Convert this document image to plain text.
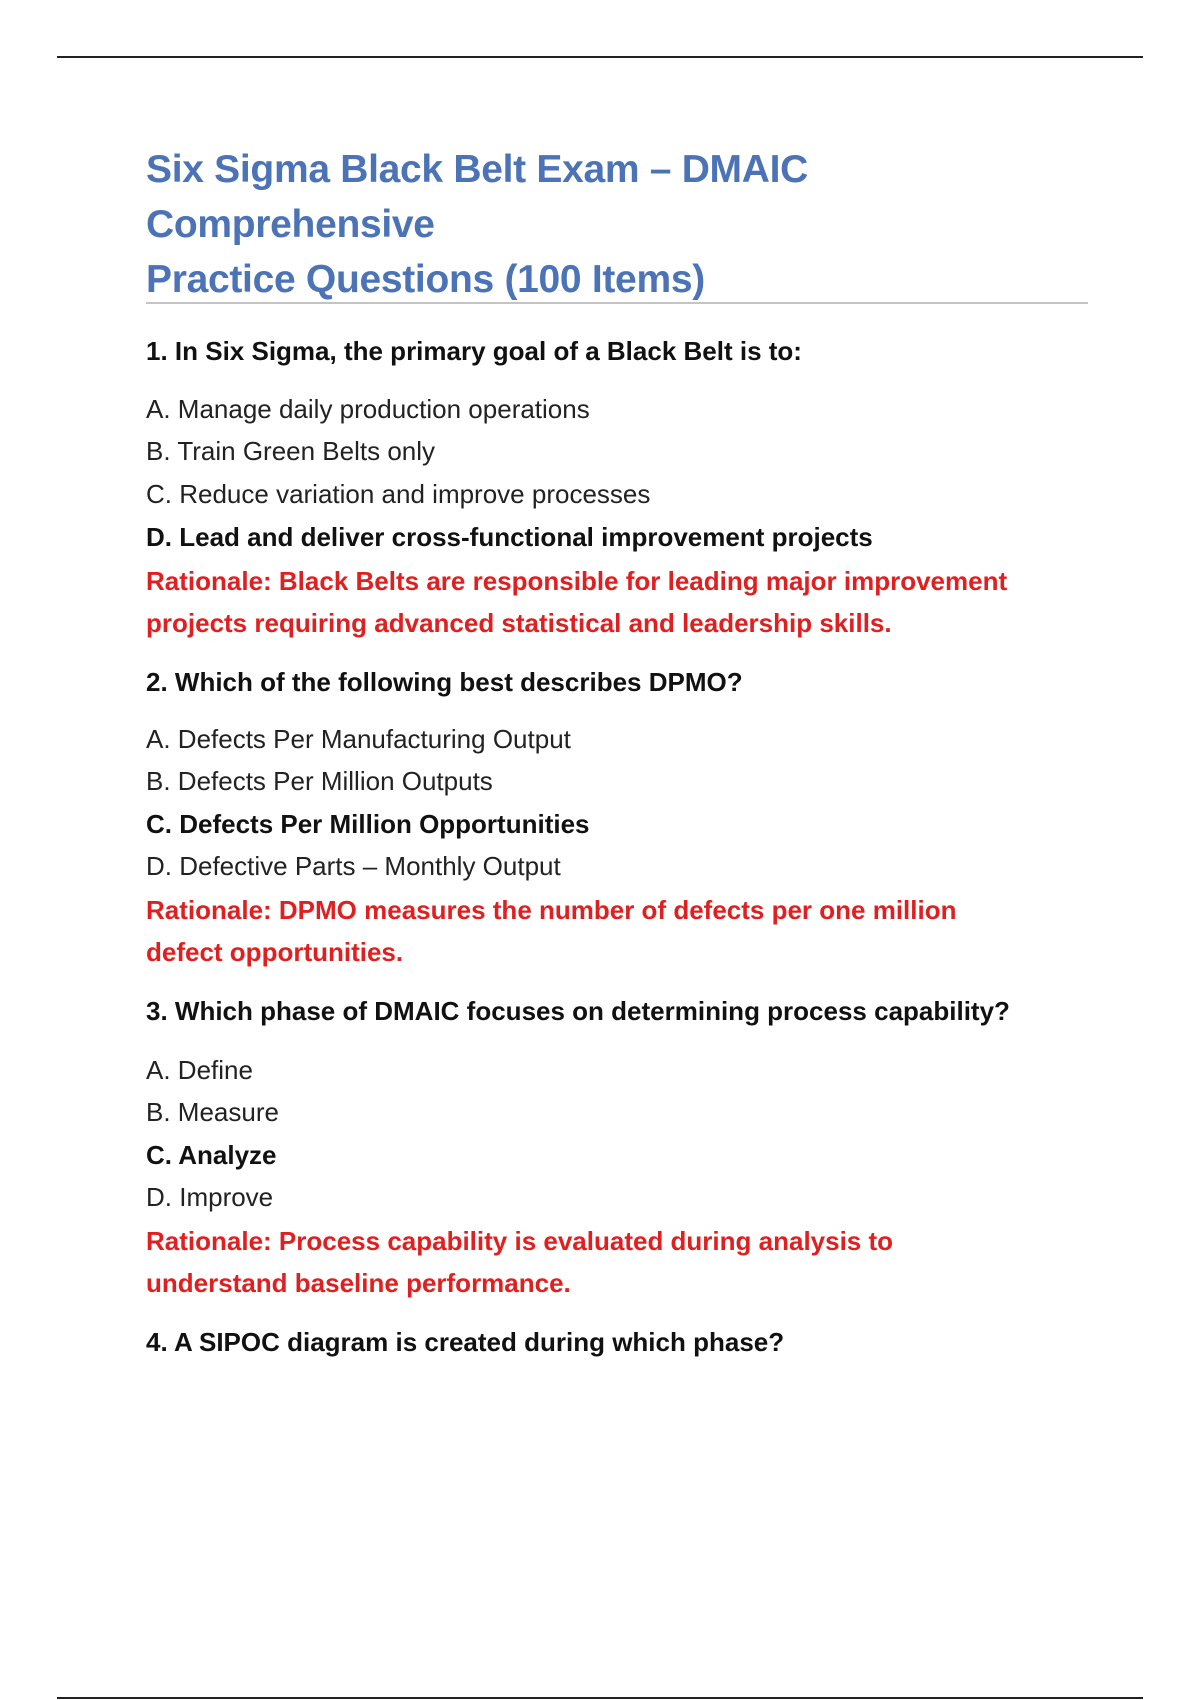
Six Sigma Black Belt Exam – DMAIC Comprehensive
Practice Questions (100 Items)

1. In Six Sigma, the primary goal of a Black Belt is to:

A. Manage daily production operations

B. Train Green Belts only

C. Reduce variation and improve processes

D. Lead and deliver cross-functional improvement projects

Rationale: Black Belts are responsible for leading major improvement
projects requiring advanced statistical and leadership skills.

2. Which of the following best describes DPMO?

A. Defects Per Manufacturing Output

B. Defects Per Million Outputs

C. Defects Per Million Opportunities

D. Defective Parts – Monthly Output

Rationale: DPMO measures the number of defects per one million
defect opportunities.

3. Which phase of DMAIC focuses on determining process capability?

A. Define

B. Measure

C. Analyze

D. Improve

Rationale: Process capability is evaluated during analysis to
understand baseline performance.

4. A SIPOC diagram is created during which phase?
